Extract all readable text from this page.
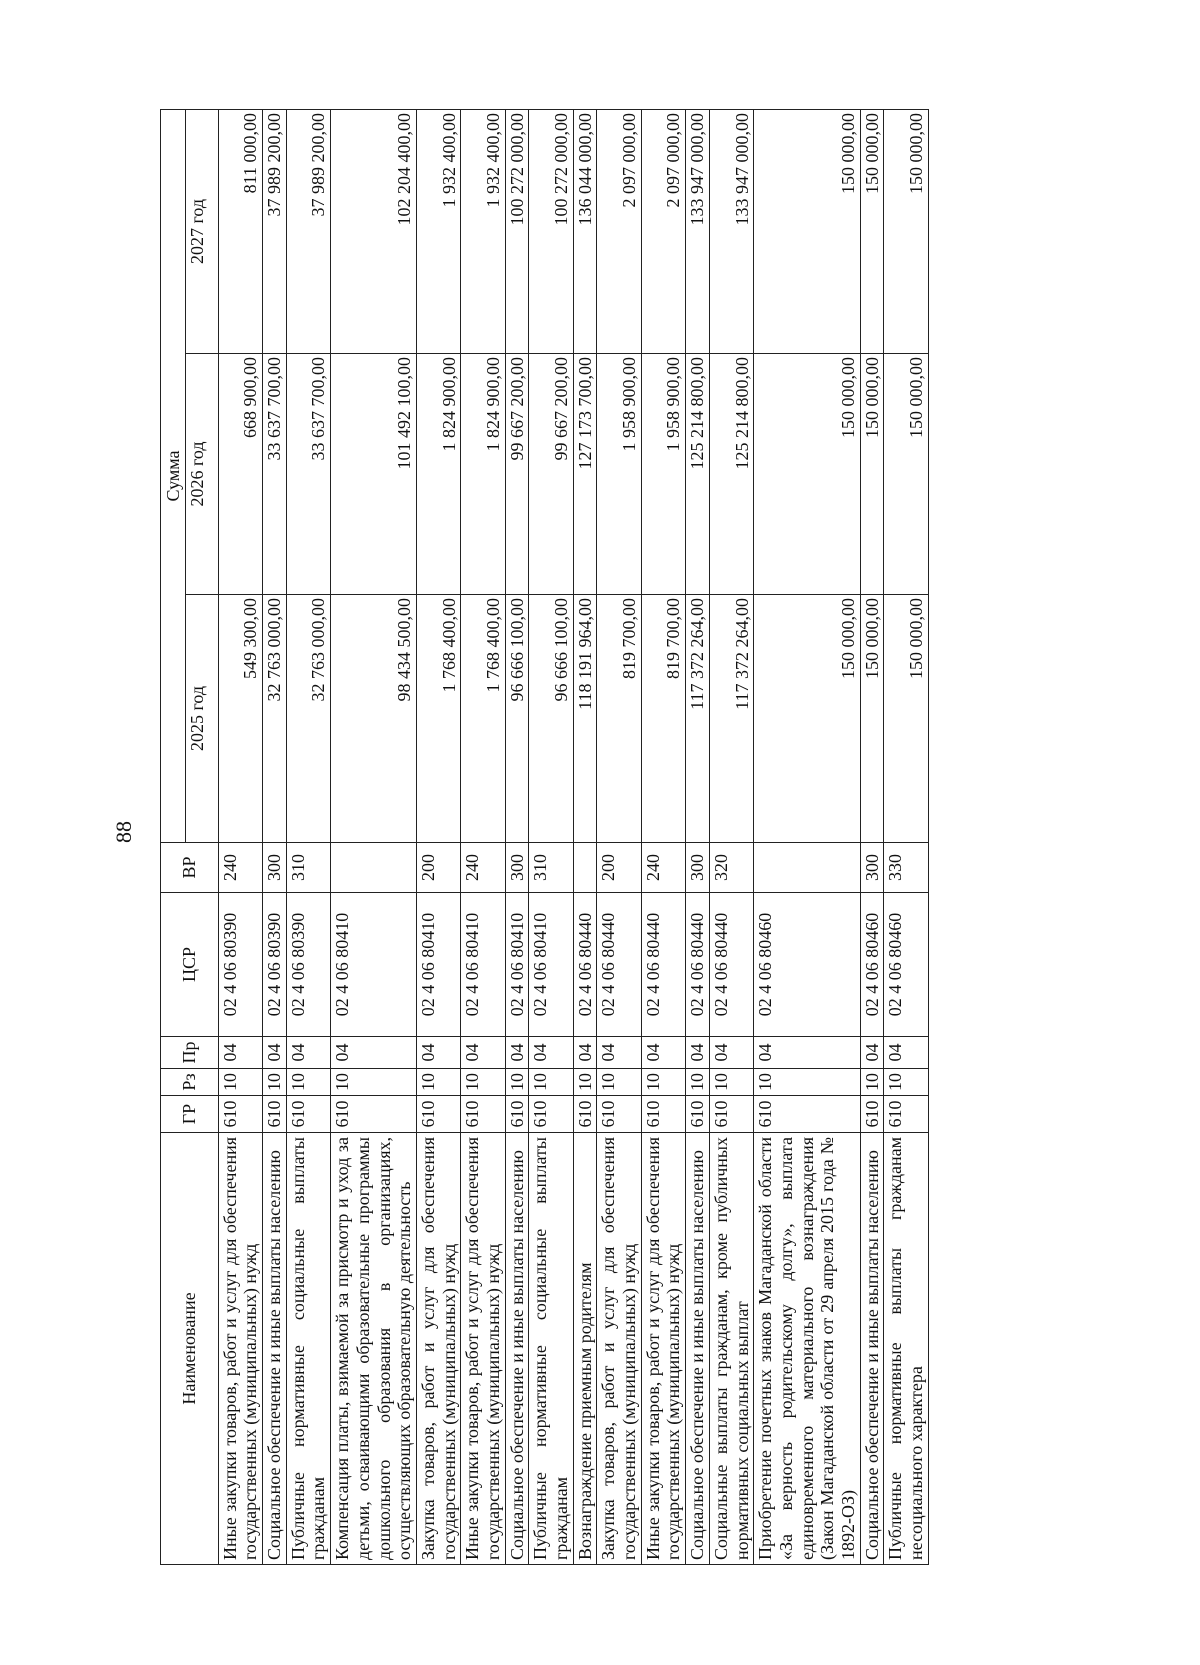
88
Наименование	ГР	Рз	Пр	ЦСР	ВР	Сумма		
						2025 год	2026 год	2027 год
Иные закупки товаров, работ и услуг для обеспечения государственных (муниципальных) нужд	610	10	04	02 4 06 80390	240	549 300,00	668 900,00	811 000,00
Социальное обеспечение и иные выплаты населению	610	10	04	02 4 06 80390	300	32 763 000,00	33 637 700,00	37 989 200,00
Публичные нормативные социальные выплаты гражданам	610	10	04	02 4 06 80390	310	32 763 000,00	33 637 700,00	37 989 200,00
Компенсация платы, взимаемой за присмотр и уход за детьми, осваивающими образовательные программы дошкольного образования в организациях, осуществляющих образовательную деятельность	610	10	04	02 4 06 80410		98 434 500,00	101 492 100,00	102 204 400,00
Закупка товаров, работ и услуг для обеспечения государственных (муниципальных) нужд	610	10	04	02 4 06 80410	200	1 768 400,00	1 824 900,00	1 932 400,00
Иные закупки товаров, работ и услуг для обеспечения государственных (муниципальных) нужд	610	10	04	02 4 06 80410	240	1 768 400,00	1 824 900,00	1 932 400,00
Социальное обеспечение и иные выплаты населению	610	10	04	02 4 06 80410	300	96 666 100,00	99 667 200,00	100 272 000,00
Публичные нормативные социальные выплаты гражданам	610	10	04	02 4 06 80410	310	96 666 100,00	99 667 200,00	100 272 000,00
Вознаграждение приемным родителям	610	10	04	02 4 06 80440		118 191 964,00	127 173 700,00	136 044 000,00
Закупка товаров, работ и услуг для обеспечения государственных (муниципальных) нужд	610	10	04	02 4 06 80440	200	819 700,00	1 958 900,00	2 097 000,00
Иные закупки товаров, работ и услуг для обеспечения государственных (муниципальных) нужд	610	10	04	02 4 06 80440	240	819 700,00	1 958 900,00	2 097 000,00
Социальное обеспечение и иные выплаты населению	610	10	04	02 4 06 80440	300	117 372 264,00	125 214 800,00	133 947 000,00
Социальные выплаты гражданам, кроме публичных нормативных социальных выплат	610	10	04	02 4 06 80440	320	117 372 264,00	125 214 800,00	133 947 000,00
Приобретение почетных знаков Магаданской области «За верность родительскому долгу», выплата единовременного материального вознаграждения (Закон Магаданской области от 29 апреля 2015 года № 1892-ОЗ)	610	10	04	02 4 06 80460		150 000,00	150 000,00	150 000,00
Социальное обеспечение и иные выплаты населению	610	10	04	02 4 06 80460	300	150 000,00	150 000,00	150 000,00
Публичные нормативные выплаты гражданам несоциального характера	610	10	04	02 4 06 80460	330	150 000,00	150 000,00	150 000,00
